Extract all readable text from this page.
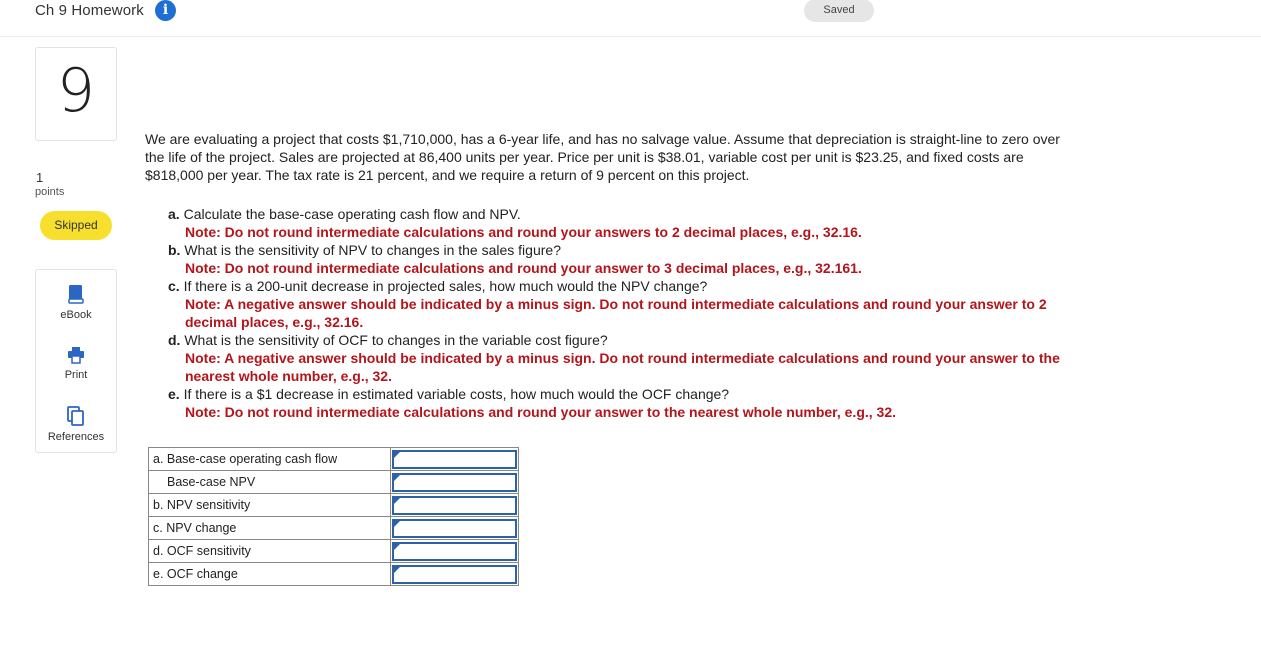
Ch 9 Homework	i	Saved
9
1
points
Skipped
eBook
Print
References
We are evaluating a project that costs $1,710,000, has a 6-year life, and has no salvage value. Assume that depreciation is straight-line to zero over the life of the project. Sales are projected at 86,400 units per year. Price per unit is $38.01, variable cost per unit is $23.25, and fixed costs are $818,000 per year. The tax rate is 21 percent, and we require a return of 9 percent on this project.
a. Calculate the base-case operating cash flow and NPV.
Note: Do not round intermediate calculations and round your answers to 2 decimal places, e.g., 32.16.
b. What is the sensitivity of NPV to changes in the sales figure?
Note: Do not round intermediate calculations and round your answer to 3 decimal places, e.g., 32.161.
c. If there is a 200-unit decrease in projected sales, how much would the NPV change?
Note: A negative answer should be indicated by a minus sign. Do not round intermediate calculations and round your answer to 2 decimal places, e.g., 32.16.
d. What is the sensitivity of OCF to changes in the variable cost figure?
Note: A negative answer should be indicated by a minus sign. Do not round intermediate calculations and round your answer to the nearest whole number, e.g., 32.
e. If there is a $1 decrease in estimated variable costs, how much would the OCF change?
Note: Do not round intermediate calculations and round your answer to the nearest whole number, e.g., 32.
a. Base-case operating cash flow	

Base-case NPV	

b. NPV sensitivity	

c. NPV change	

d. OCF sensitivity	

e. OCF change	
